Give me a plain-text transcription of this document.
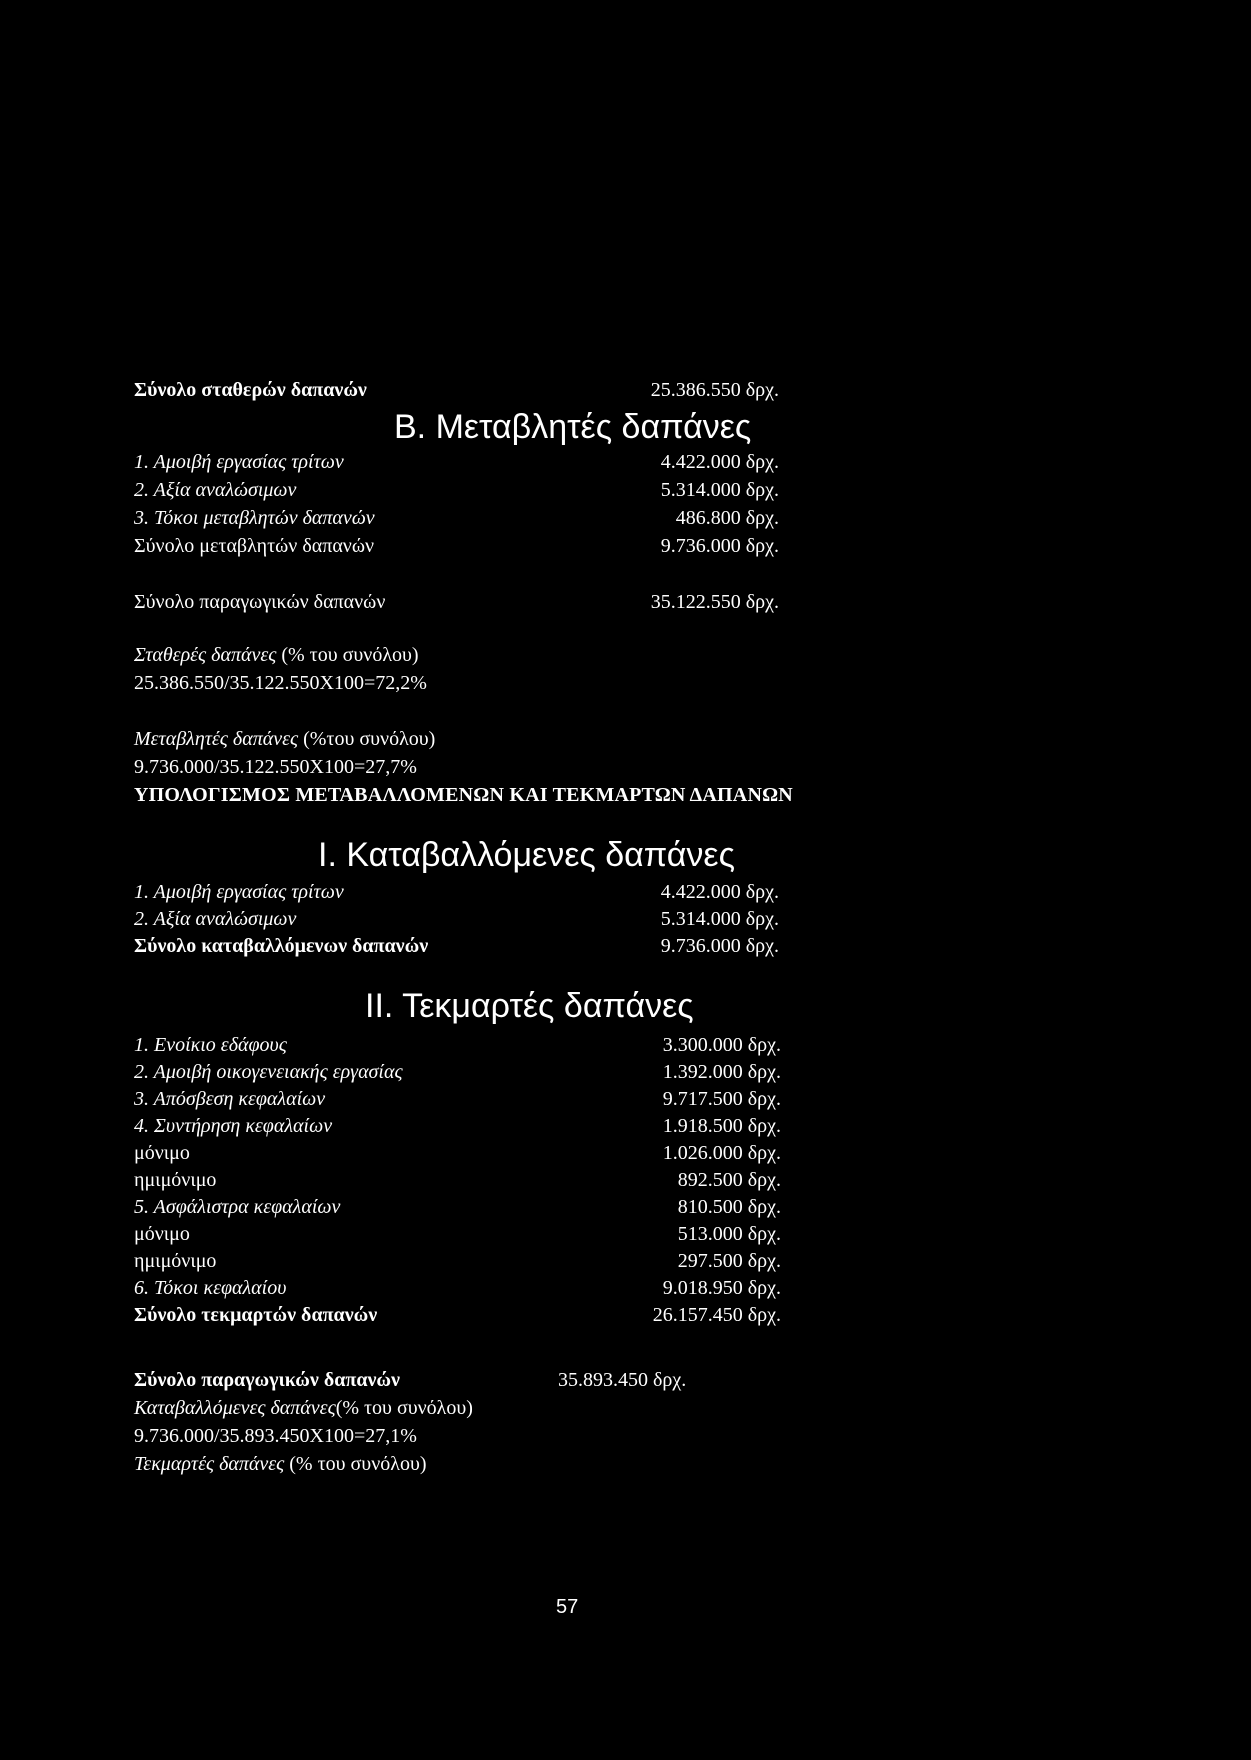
Σύνολο σταθερών δαπανών	25.386.550 δρχ.
Β. Μεταβλητές δαπάνες
1. Αμοιβή εργασίας τρίτων	4.422.000 δρχ.
2. Αξία αναλώσιμων	5.314.000 δρχ.
3. Τόκοι μεταβλητών δαπανών	486.800 δρχ.
Σύνολο μεταβλητών δαπανών	9.736.000 δρχ.
Σύνολο παραγωγικών δαπανών	35.122.550 δρχ.
Σταθερές δαπάνες (% του συνόλου)
25.386.550/35.122.550X100=72,2%
Μεταβλητές δαπάνες (%του συνόλου)
9.736.000/35.122.550X100=27,7%
ΥΠΟΛΟΓΙΣΜΟΣ ΜΕΤΑΒΑΛΛΟΜΕΝΩΝ ΚΑΙ ΤΕΚΜΑΡΤΩΝ ΔΑΠΑΝΩΝ
Ι. Καταβαλλόμενες δαπάνες
1. Αμοιβή εργασίας τρίτων	4.422.000 δρχ.
2. Αξία αναλώσιμων	5.314.000 δρχ.
Σύνολο καταβαλλόμενων δαπανών	9.736.000 δρχ.
ΙΙ. Τεκμαρτές δαπάνες
1. Ενοίκιο εδάφους	3.300.000 δρχ.
2. Αμοιβή οικογενειακής εργασίας	1.392.000 δρχ.
3. Απόσβεση κεφαλαίων	9.717.500 δρχ.
4. Συντήρηση κεφαλαίων	1.918.500 δρχ.
μόνιμο	1.026.000 δρχ.
ημιμόνιμο	892.500 δρχ.
5. Ασφάλιστρα κεφαλαίων	810.500 δρχ.
μόνιμο	513.000 δρχ.
ημιμόνιμο	297.500 δρχ.
6. Τόκοι κεφαλαίου	9.018.950 δρχ.
Σύνολο τεκμαρτών δαπανών	26.157.450 δρχ.
Σύνολο παραγωγικών δαπανών	35.893.450 δρχ.
Καταβαλλόμενες δαπάνες(% του συνόλου)
9.736.000/35.893.450X100=27,1%
Τεκμαρτές δαπάνες (% του συνόλου)
57
